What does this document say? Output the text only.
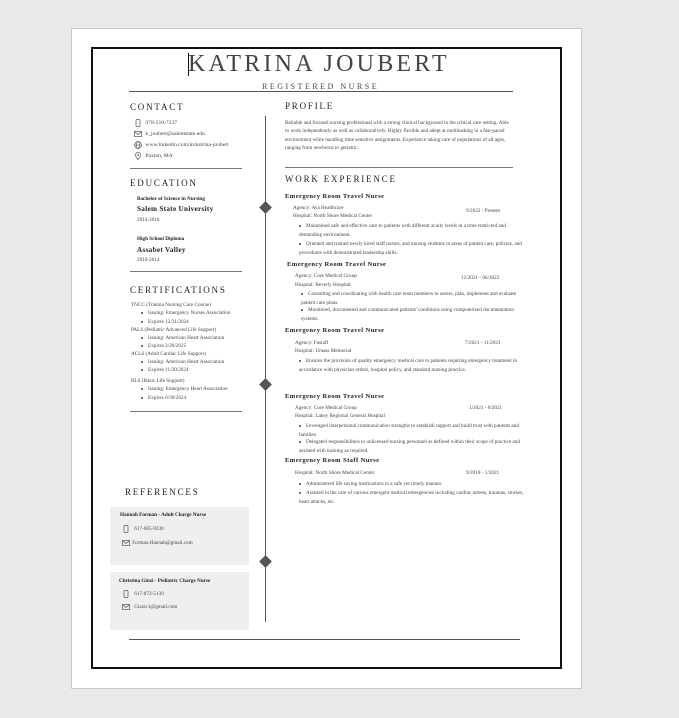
KATRINA JOUBERT
REGISTERED NURSE
CONTACT
978-210-7237
k_joubert@salemstate.edu
www.linkedin.com/in/katrina-joubert
Paxton, MA
EDUCATION
Bachelor of Science in Nursing
Salem State University
2014-2018
High School Diploma
Assabet Valley
2010-2014
CERTIFICATIONS
TNCC (Trauma Nursing Core Course)
Issuing: Emergency Nurses Association
Expires 12/31/2024
PALS (Pediatric Advanced Life Support)
Issuing: American Heart Association
Expires 2/28/2025
ACLS (Adult Cardiac Life Support)
Issuing: American Heart Association
Expires 11/30/2024
BLS (Basic Life Support)
Issuing: Emergency Heart Association
Expires 6/30/2024
REFERENCES
Hannah Forman - Adult Charge Nurse
617-605-9230
Forman.Hannah@gmail.com
Christina Ginzi - Pediatric Charge Nurse
617-872-5139
Gizzic1@gmail.com
PROFILE
Reliable and focused nursing professional with a strong clinical background in the critical care setting. Able to work independently as well as collaboratively. Highly flexible and adept at multitasking in a fast-paced environment while handling time sensitive assignments. Experience taking care of populations of all ages, ranging from newborns to geriatric.
WORK EXPERIENCE
Emergency Room Travel Nurse
Agency: Aya Healthcare	9/2022 - Present
Hospital: North Shore Medical Center
Maintained safe and effective care to patients with different acuity levels in a time restricted and demanding environment.
Oriented and trained newly hired staff nurses, and nursing students in areas of patient care, policies, and procedures with demonstrated leadership skills.
Emergency Room Travel Nurse
Agency: Core Medical Group	12/2021 - 06/2022
Hospital: Beverly Hospital
Consulting and coordinating with health care team members to assess, plan, implement and evaluate patient care plans.
Monitored, documented and communicated patients' conditions using computerized documentation systems.
Emergency Room Travel Nurse
Agency: Fastaff	7/2021 - 11/2021
Hospital: Umass Memorial
Ensures the provision of quality emergency medical care to patients requiring emergency treatment in accordance with physician orders, hospital policy, and standard nursing practice.
Emergency Room Travel Nurse
Agency: Core Medical Group	1/2021 - 6/2021
Hospital: Lahey Regional General Hospital
Leveraged interpersonal communication strengths to establish rapport and build trust with patients and families.
Delegated responsibilities to unlicensed nursing personnel as defined within their scope of practice and assisted with training as required.
Emergency Room Staff Nurse
Hospital: North Shore Medical Center	9/2018 - 1/2021
Administered life saving medications in a safe yet timely manner.
Assisted in the care of various emergent medical emergencies including cardiac arrests, traumas, strokes, heart attacks, etc.
